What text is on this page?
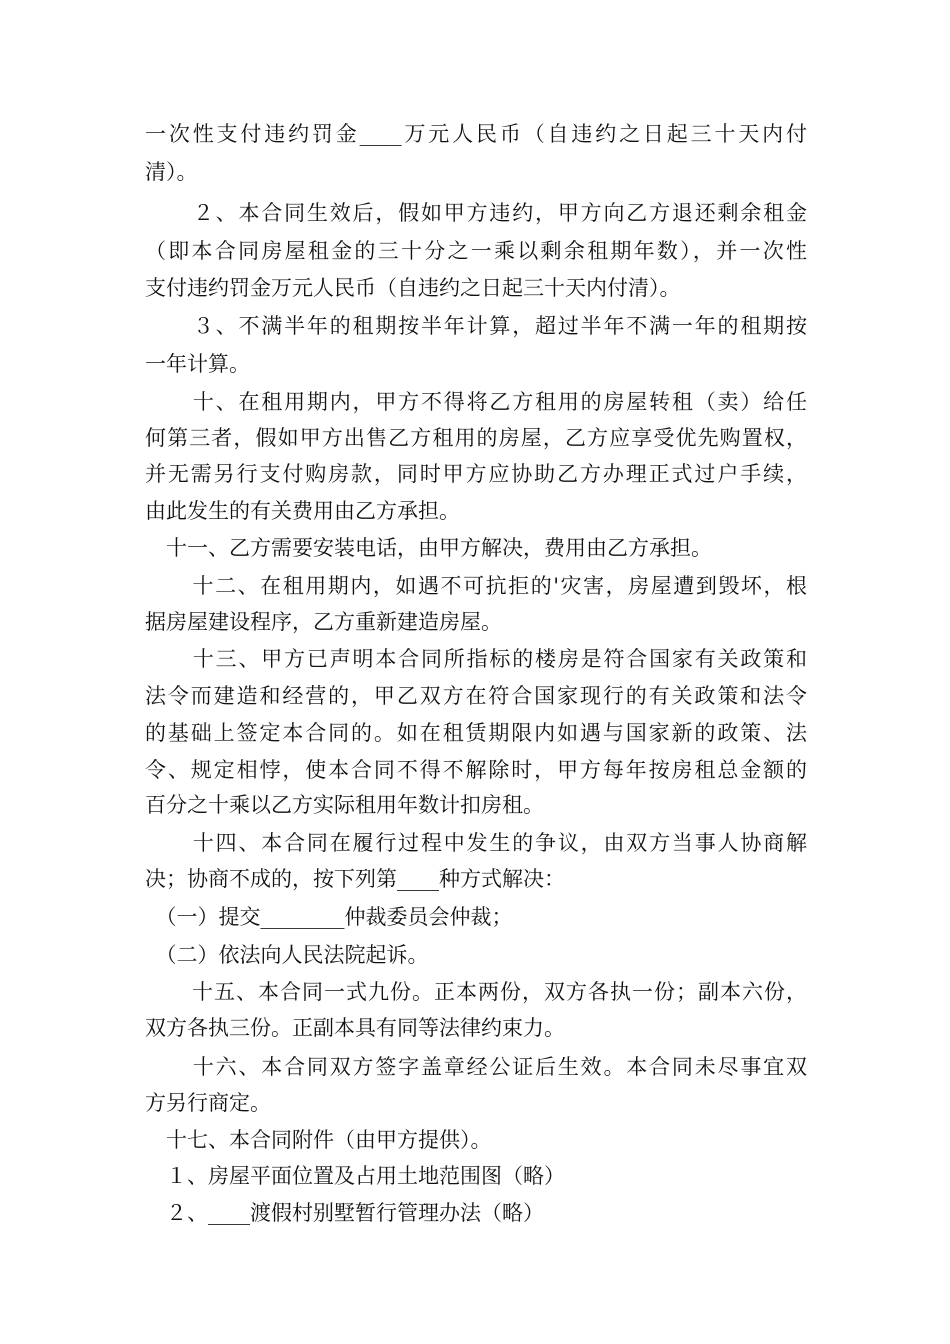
一次性支付违约罚金____万元人民币（自违约之日起三十天内付
清）。
　２、本合同生效后，假如甲方违约，甲方向乙方退还剩余租金
（即本合同房屋租金的三十分之一乘以剩余租期年数），并一次性
支付违约罚金万元人民币（自违约之日起三十天内付清）。
　３、不满半年的租期按半年计算，超过半年不满一年的租期按
一年计算。
　十、在租用期内，甲方不得将乙方租用的房屋转租（卖）给任
何第三者，假如甲方出售乙方租用的房屋，乙方应享受优先购置权，
并无需另行支付购房款，同时甲方应协助乙方办理正式过户手续，
由此发生的有关费用由乙方承担。
　十一、乙方需要安装电话，由甲方解决，费用由乙方承担。
　十二、在租用期内，如遇不可抗拒的'灾害，房屋遭到毁坏，根
据房屋建设程序，乙方重新建造房屋。
　十三、甲方已声明本合同所指标的楼房是符合国家有关政策和
法令而建造和经营的，甲乙双方在符合国家现行的有关政策和法令
的基础上签定本合同的。如在租赁期限内如遇与国家新的政策、法
令、规定相悖，使本合同不得不解除时，甲方每年按房租总金额的
百分之十乘以乙方实际租用年数计扣房租。
　十四、本合同在履行过程中发生的争议，由双方当事人协商解
决；协商不成的，按下列第____种方式解决：
　（一）提交________仲裁委员会仲裁；
　（二）依法向人民法院起诉。
　十五、本合同一式九份。正本两份，双方各执一份；副本六份，
双方各执三份。正副本具有同等法律约束力。
　十六、本合同双方签字盖章经公证后生效。本合同未尽事宜双
方另行商定。
　十七、本合同附件（由甲方提供）。
　１、房屋平面位置及占用土地范围图（略）
　２、____渡假村别墅暂行管理办法（略）
